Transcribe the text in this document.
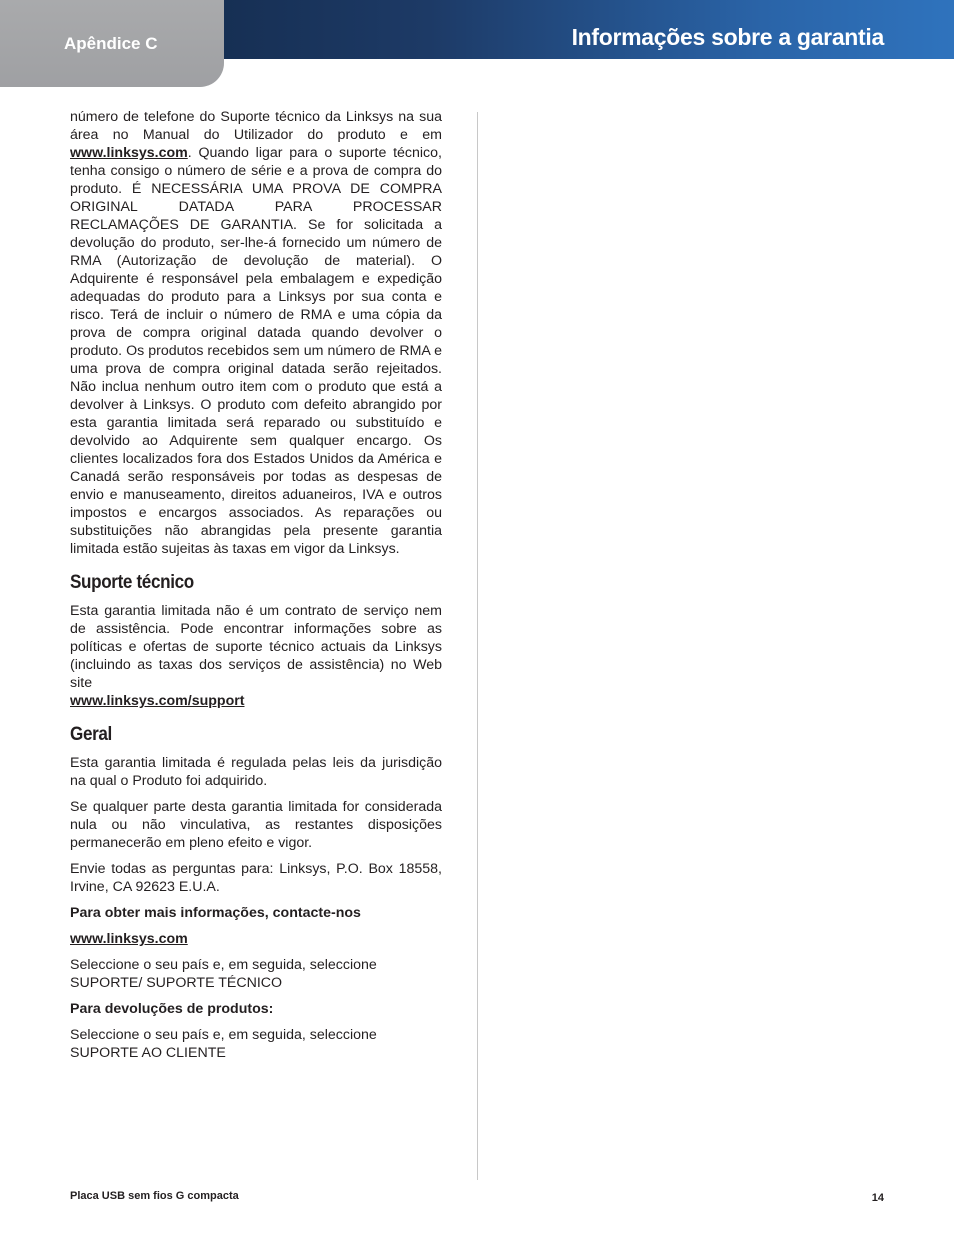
Apêndice C	Informações sobre a garantia

número de telefone do Suporte técnico da Linksys na sua área no Manual do Utilizador do produto e em www.linksys.com. Quando ligar para o suporte técnico, tenha consigo o número de série e a prova de compra do produto. É NECESSÁRIA UMA PROVA DE COMPRA ORIGINAL DATADA PARA PROCESSAR RECLAMAÇÕES DE GARANTIA. Se for solicitada a devolução do produto, ser-lhe-á fornecido um número de RMA (Autorização de devolução de material). O Adquirente é responsável pela embalagem e expedição adequadas do produto para a Linksys por sua conta e risco. Terá de incluir o número de RMA e uma cópia da prova de compra original datada quando devolver o produto. Os produtos recebidos sem um número de RMA e uma prova de compra original datada serão rejeitados. Não inclua nenhum outro item com o produto que está a devolver à Linksys. O produto com defeito abrangido por esta garantia limitada será reparado ou substituído e devolvido ao Adquirente sem qualquer encargo. Os clientes localizados fora dos Estados Unidos da América e Canadá serão responsáveis por todas as despesas de envio e manuseamento, direitos aduaneiros, IVA e outros impostos e encargos associados. As reparações ou substituições não abrangidas pela presente garantia limitada estão sujeitas às taxas em vigor da Linksys.

Suporte técnico

Esta garantia limitada não é um contrato de serviço nem de assistência. Pode encontrar informações sobre as políticas e ofertas de suporte técnico actuais da Linksys (incluindo as taxas dos serviços de assistência) no Web site
www.linksys.com/support

Geral

Esta garantia limitada é regulada pelas leis da jurisdição na qual o Produto foi adquirido.

Se qualquer parte desta garantia limitada for considerada nula ou não vinculativa, as restantes disposições permanecerão em pleno efeito e vigor.

Envie todas as perguntas para: Linksys, P.O. Box 18558, Irvine, CA 92623 E.U.A.

Para obter mais informações, contacte-nos

www.linksys.com

Seleccione o seu país e, em seguida, seleccione SUPORTE/ SUPORTE TÉCNICO

Para devoluções de produtos:

Seleccione o seu país e, em seguida, seleccione SUPORTE AO CLIENTE

Placa USB sem fios G compacta	14
